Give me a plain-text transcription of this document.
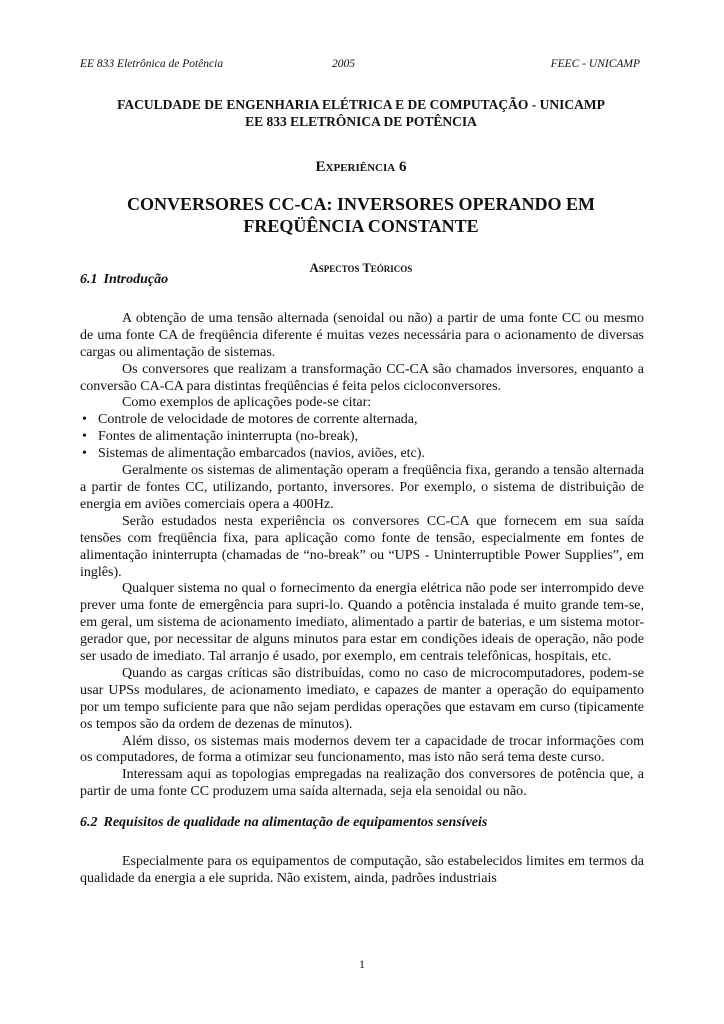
EE 833 Eletrônica de Potência	2005	FEEC - UNICAMP

FACULDADE DE ENGENHARIA ELÉTRICA E DE COMPUTAÇÃO - UNICAMP

EE 833 ELETRÔNICA DE POTÊNCIA

Experiência 6

CONVERSORES CC-CA: INVERSORES OPERANDO EM

FREQÜÊNCIA CONSTANTE

Aspectos Teóricos

6.1 Introdução

A obtenção de uma tensão alternada (senoidal ou não) a partir de uma fonte CC ou mesmo de uma fonte CA de freqüência diferente é muitas vezes necessária para o acionamento de diversas cargas ou alimentação de sistemas.

Os conversores que realizam a transformação CC-CA são chamados inversores, enquanto a conversão CA-CA para distintas freqüências é feita pelos cicloconversores.

Como exemplos de aplicações pode-se citar:

• Controle de velocidade de motores de corrente alternada,
• Fontes de alimentação ininterrupta (no-break),
• Sistemas de alimentação embarcados (navios, aviões, etc).

Geralmente os sistemas de alimentação operam a freqüência fixa, gerando a tensão alternada a partir de fontes CC, utilizando, portanto, inversores. Por exemplo, o sistema de distribuição de energia em aviões comerciais opera a 400Hz.

Serão estudados nesta experiência os conversores CC-CA que fornecem em sua saída tensões com freqüência fixa, para aplicação como fonte de tensão, especialmente em fontes de alimentação ininterrupta (chamadas de “no-break” ou “UPS - Uninterruptible Power Supplies”, em inglês).

Qualquer sistema no qual o fornecimento da energia elétrica não pode ser interrompido deve prever uma fonte de emergência para supri-lo. Quando a potência instalada é muito grande tem-se, em geral, um sistema de acionamento imediato, alimentado a partir de baterias, e um sistema motor-gerador que, por necessitar de alguns minutos para estar em condições ideais de operação, não pode ser usado de imediato. Tal arranjo é usado, por exemplo, em centrais telefônicas, hospitais, etc.

Quando as cargas críticas são distribuídas, como no caso de microcomputadores, podem-se usar UPSs modulares, de acionamento imediato, e capazes de manter a operação do equipamento por um tempo suficiente para que não sejam perdidas operações que estavam em curso (tipicamente os tempos são da ordem de dezenas de minutos).

Além disso, os sistemas mais modernos devem ter a capacidade de trocar informações com os computadores, de forma a otimizar seu funcionamento, mas isto não será tema deste curso.

Interessam aqui as topologias empregadas na realização dos conversores de potência que, a partir de uma fonte CC produzem uma saída alternada, seja ela senoidal ou não.

6.2 Requisitos de qualidade na alimentação de equipamentos sensíveis

Especialmente para os equipamentos de computação, são estabelecidos limites em termos da qualidade da energia a ele suprida. Não existem, ainda, padrões industriais

1
